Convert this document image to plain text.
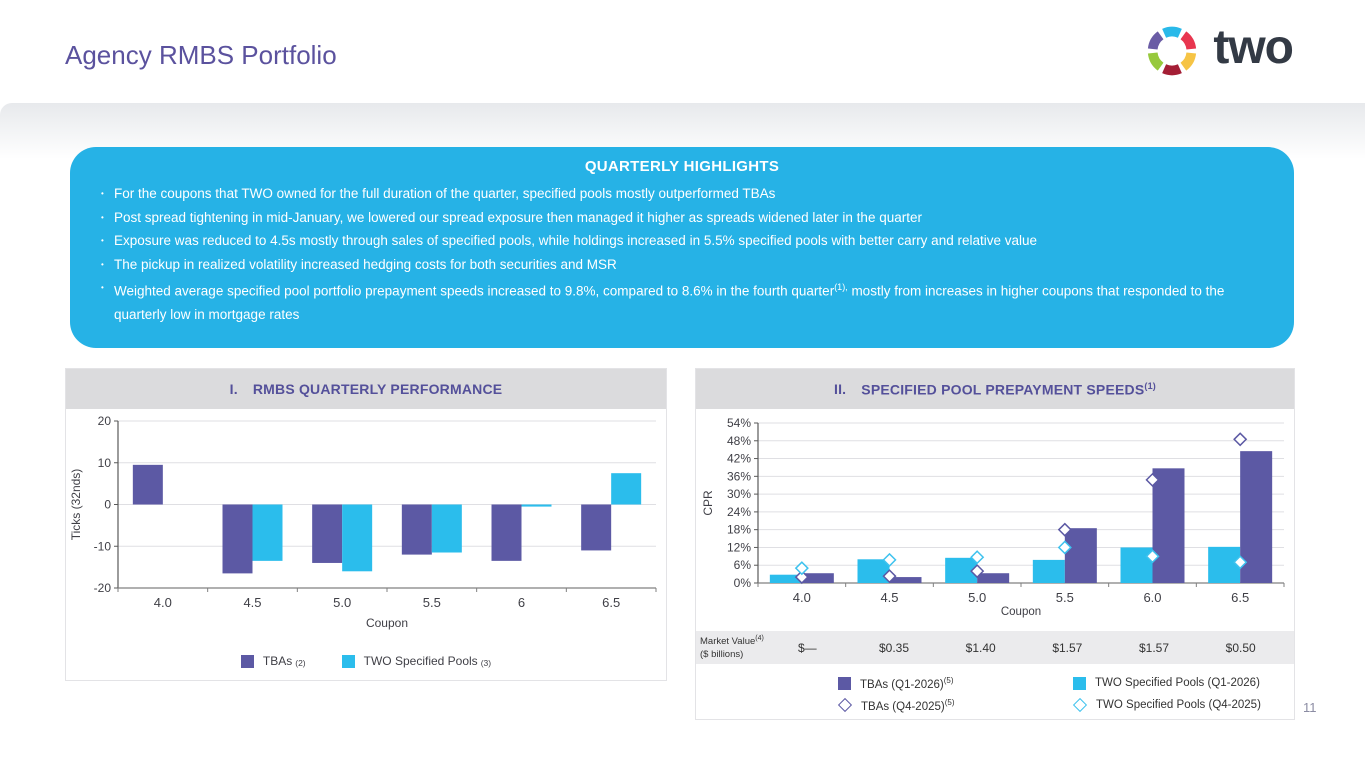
Agency RMBS Portfolio	two
QUARTERLY HIGHLIGHTS
• For the coupons that TWO owned for the full duration of the quarter, specified pools mostly outperformed TBAs
• Post spread tightening in mid-January, we lowered our spread exposure then managed it higher as spreads widened later in the quarter
• Exposure was reduced to 4.5s mostly through sales of specified pools, while holdings increased in 5.5% specified pools with better carry and relative value
• The pickup in realized volatility increased hedging costs for both securities and MSR
• Weighted average specified pool portfolio prepayment speeds increased to 9.8%, compared to 8.6% in the fourth quarter$^{(1),}$ mostly from increases in higher coupons that responded to the quarterly low in mortgage rates
I. RMBS QUARTERLY PERFORMANCE
-20
-10
0
10
20
4.0	4.5	5.0	5.5	6	6.5
Coupon
Ticks (32nds)
TBAs (2)	TWO Specified Pools (3)
II. SPECIFIED POOL PREPAYMENT SPEEDS$^{(1)}$
0%
6%
12%
18%
24%
30%
36%
42%
48%
54%
4.0	4.5	5.0	5.5	6.0	6.5
Coupon
CPR
Market Value$^{(4)}$
($ billions)	$—	$0.35	$1.40	$1.57	$1.57	$0.50
TBAs $(Q1-2026)^{(5)}$	TWO Specified Pools (Q1-2026)
TBAs $(Q4-2025)^{(5)}$	TWO Specified Pools (Q4-2025)	11
